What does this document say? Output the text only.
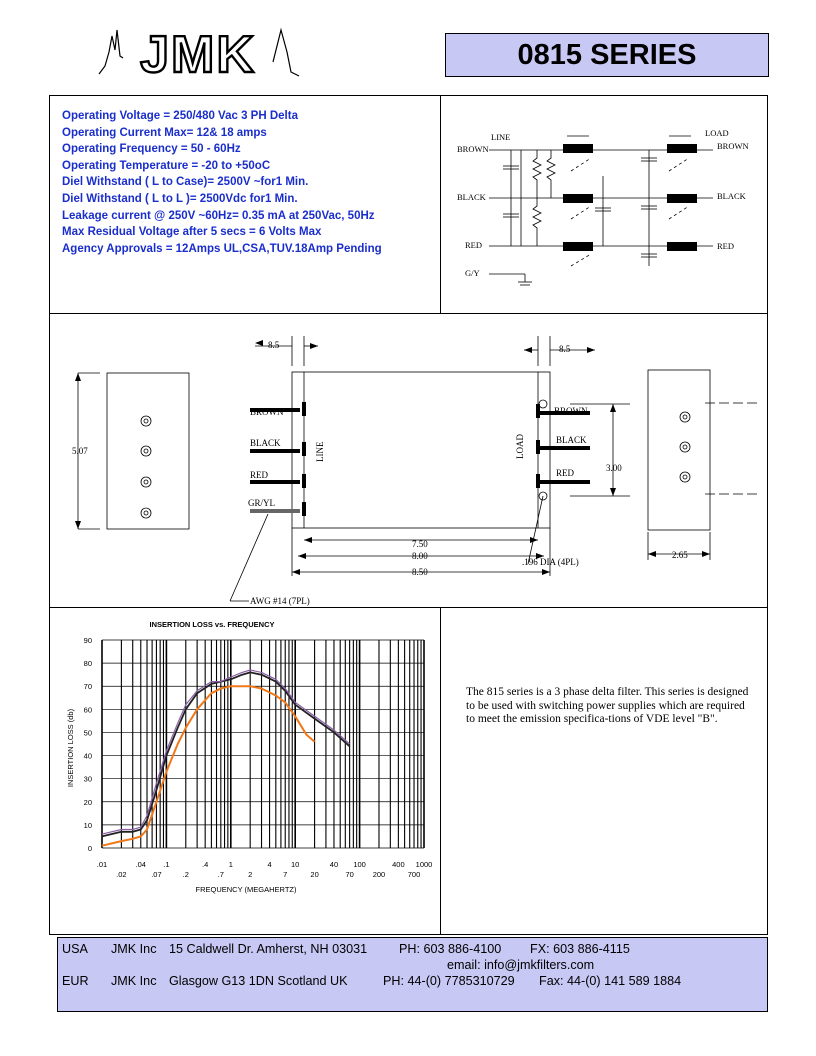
JMK	0815 SERIES
Operating Voltage = 250/480 Vac 3 PH Delta
Operating Current Max= 12& 18 amps
Operating Frequency = 50 - 60Hz
Operating Temperature = -20 to +50oC
Diel Withstand ( L to Case)= 2500V ~for1 Min.
Diel Withstand ( L to L )= 2500Vdc for1 Min.
Leakage current @ 250V ~60Hz= 0.35 mA at 250Vac, 50Hz
Max Residual Voltage after 5 secs = 6 Volts Max
Agency Approvals = 12Amps UL,CSA,TUV.18Amp Pending
LINE	LOAD
BROWN
BLACK
RED
BROWN
BLACK
RED
G/Y
8.5	8.5
5.07
3.00
7.50
8.00
8.50
2.65
.196 DIA (4PL)
AWG #14 (7PL)
BROWN
BLACK
RED
GR/YL
BROWN
BLACK
RED
LINE	LOAD
INSERTION LOSS vs. FREQUENCY
FREQUENCY (MEGAHERTZ)
INSERTION LOSS (db)
0
10
20
30
40
50
60
70
80
90
.01	.04 .1	.4	1	4	10	40 100	400 1000
.02	.07	.2	.7	2	7	20	70	200	700
The 815 series is a 3 phase delta filter. This series is designed to be used with switching power supplies which are required to meet the emission specifica-tions of VDE level "B".
USA JMK Inc 15 Caldwell Dr. Amherst, NH 03031	PH: 603 886-4100 FX: 603 886-4115
email: info@jmkfilters.com
EUR JMK Inc Glasgow G13 1DN Scotland UK	PH: 44-(0) 7785310729 Fax: 44-(0) 141 589 1884
